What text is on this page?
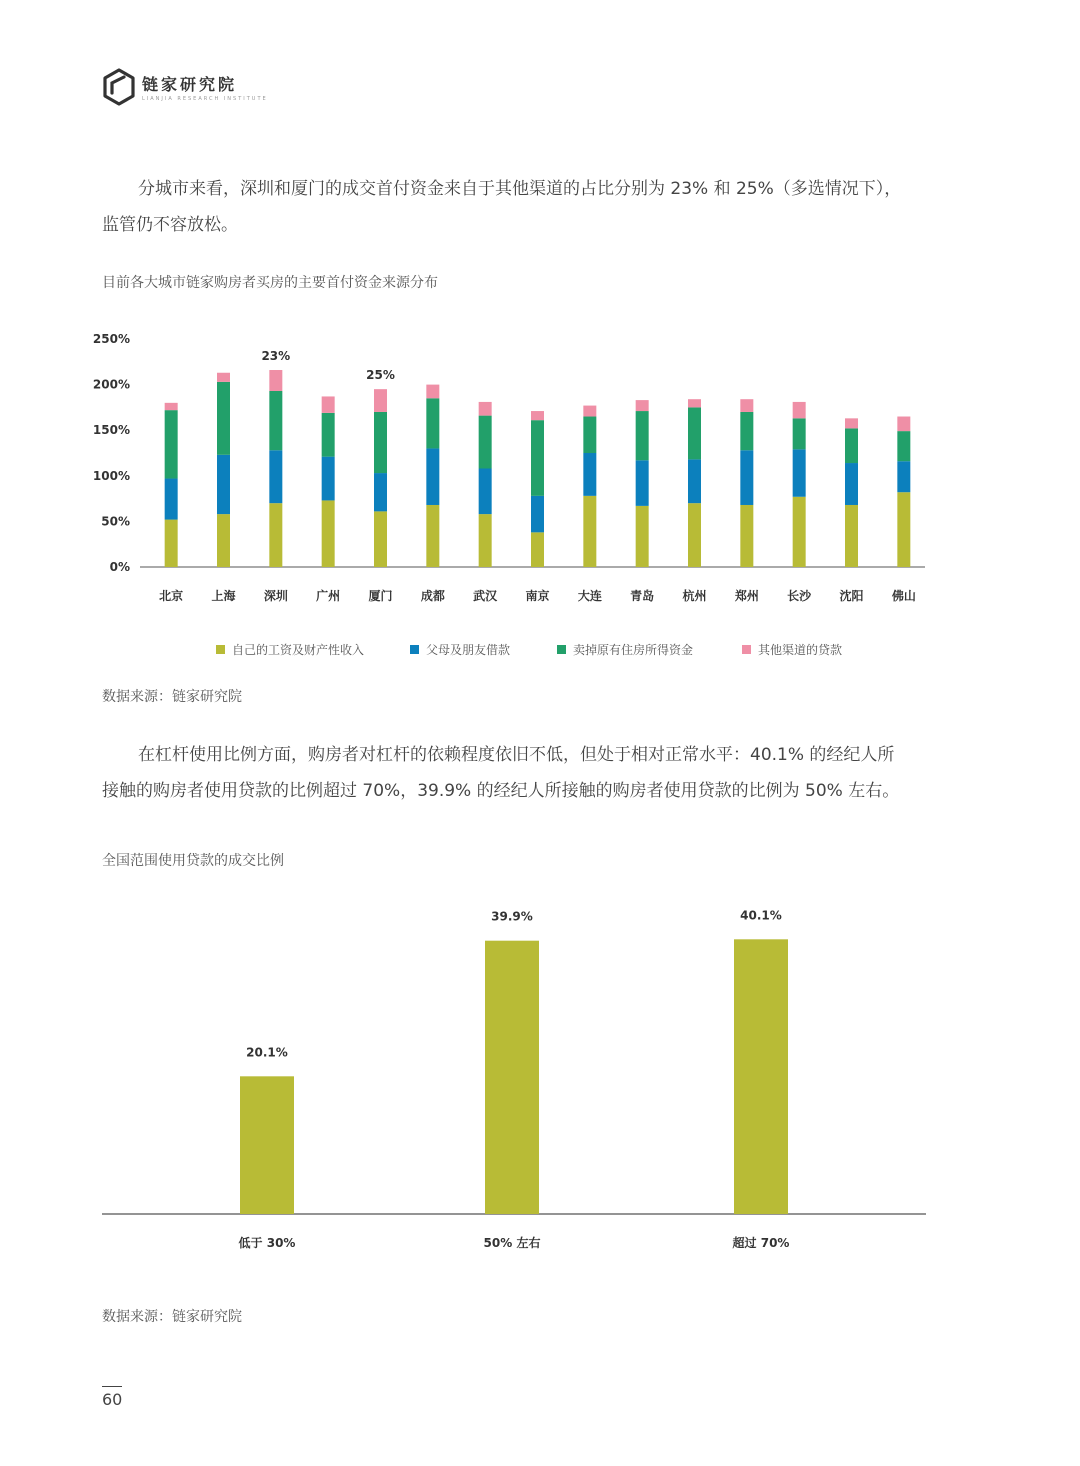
链家研究院
LIANJIA RESEARCH INSTITUTE

分城市来看，深圳和厦门的成交首付资金来自于其他渠道的占比分别为 23% 和 25%（多选情况下），

监管仍不容放松。

目前各大城市链家购房者买房的主要首付资金来源分布
0%
50%
100%
150%
200%
250%
北京 上海 深圳
23%
广州 厦门
25%
成都 武汉 南京 大连 青岛 杭州 郑州 长沙 沈阳 佛山
自己的工资及财产性收入	父母及朋友借款	卖掉原有住房所得资金	其他渠道的贷款
数据来源：链家研究院

在杠杆使用比例方面，购房者对杠杆的依赖程度依旧不低，但处于相对正常水平：40.1% 的经纪人所

接触的购房者使用贷款的比例超过 70%，39.9% 的经纪人所接触的购房者使用贷款的比例为 50% 左右。

全国范围使用贷款的成交比例
20.1%
低于 30%
39.9%
50% 左右
40.1%
超过 70%
数据来源：链家研究院
60
